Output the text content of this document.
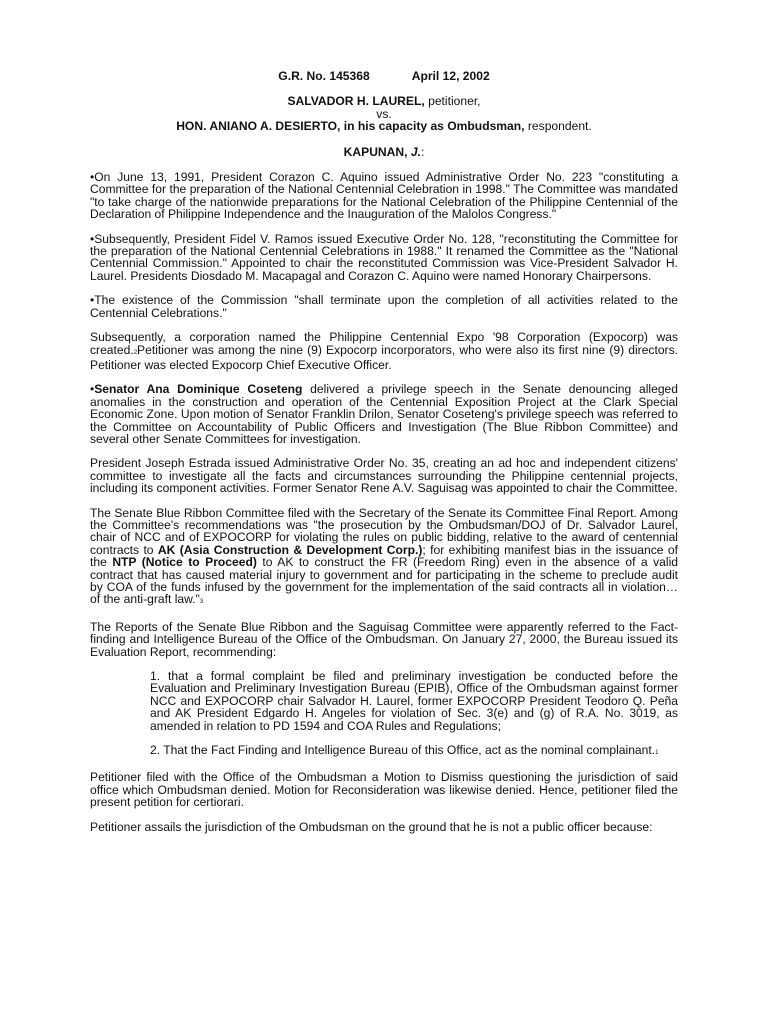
G.R. No. 145368	April 12, 2002
SALVADOR H. LAUREL, petitioner,
vs.
HON. ANIANO A. DESIERTO, in his capacity as Ombudsman, respondent.
KAPUNAN, J.:

•On June 13, 1991, President Corazon C. Aquino issued Administrative Order No. 223 "constituting a Committee for the preparation of the National Centennial Celebration in 1998." The Committee was mandated "to take charge of the nationwide preparations for the National Celebration of the Philippine Centennial of the Declaration of Philippine Independence and the Inauguration of the Malolos Congress."

•Subsequently, President Fidel V. Ramos issued Executive Order No. 128, "reconstituting the Committee for the preparation of the National Centennial Celebrations in 1988." It renamed the Committee as the "National Centennial Commission." Appointed to chair the reconstituted Commission was Vice-President Salvador H. Laurel. Presidents Diosdado M. Macapagal and Corazon C. Aquino were named Honorary Chairpersons.

•The existence of the Commission "shall terminate upon the completion of all activities related to the Centennial Celebrations."

Subsequently, a corporation named the Philippine Centennial Expo '98 Corporation (Expocorp) was created.2Petitioner was among the nine (9) Expocorp incorporators, who were also its first nine (9) directors. Petitioner was elected Expocorp Chief Executive Officer.

•Senator Ana Dominique Coseteng delivered a privilege speech in the Senate denouncing alleged anomalies in the construction and operation of the Centennial Exposition Project at the Clark Special Economic Zone. Upon motion of Senator Franklin Drilon, Senator Coseteng's privilege speech was referred to the Committee on Accountability of Public Officers and Investigation (The Blue Ribbon Committee) and several other Senate Committees for investigation.

President Joseph Estrada issued Administrative Order No. 35, creating an ad hoc and independent citizens' committee to investigate all the facts and circumstances surrounding the Philippine centennial projects, including its component activities. Former Senator Rene A.V. Saguisag was appointed to chair the Committee.

The Senate Blue Ribbon Committee filed with the Secretary of the Senate its Committee Final Report. Among the Committee's recommendations was "the prosecution by the Ombudsman/DOJ of Dr. Salvador Laurel, chair of NCC and of EXPOCORP for violating the rules on public bidding, relative to the award of centennial contracts to AK (Asia Construction & Development Corp.); for exhibiting manifest bias in the issuance of the NTP (Notice to Proceed) to AK to construct the FR (Freedom Ring) even in the absence of a valid contract that has caused material injury to government and for participating in the scheme to preclude audit by COA of the funds infused by the government for the implementation of the said contracts all in violation… of the anti-graft law."3

The Reports of the Senate Blue Ribbon and the Saguisag Committee were apparently referred to the Fact-finding and Intelligence Bureau of the Office of the Ombudsman. On January 27, 2000, the Bureau issued its Evaluation Report, recommending:

1. that a formal complaint be filed and preliminary investigation be conducted before the Evaluation and Preliminary Investigation Bureau (EPIB), Office of the Ombudsman against former NCC and EXPOCORP chair Salvador H. Laurel, former EXPOCORP President Teodoro Q. Peña and AK President Edgardo H. Angeles for violation of Sec. 3(e) and (g) of R.A. No. 3019, as amended in relation to PD 1594 and COA Rules and Regulations;

2. That the Fact Finding and Intelligence Bureau of this Office, act as the nominal complainant.1

Petitioner filed with the Office of the Ombudsman a Motion to Dismiss questioning the jurisdiction of said office which Ombudsman denied. Motion for Reconsideration was likewise denied. Hence, petitioner filed the present petition for certiorari.

Petitioner assails the jurisdiction of the Ombudsman on the ground that he is not a public officer because:
